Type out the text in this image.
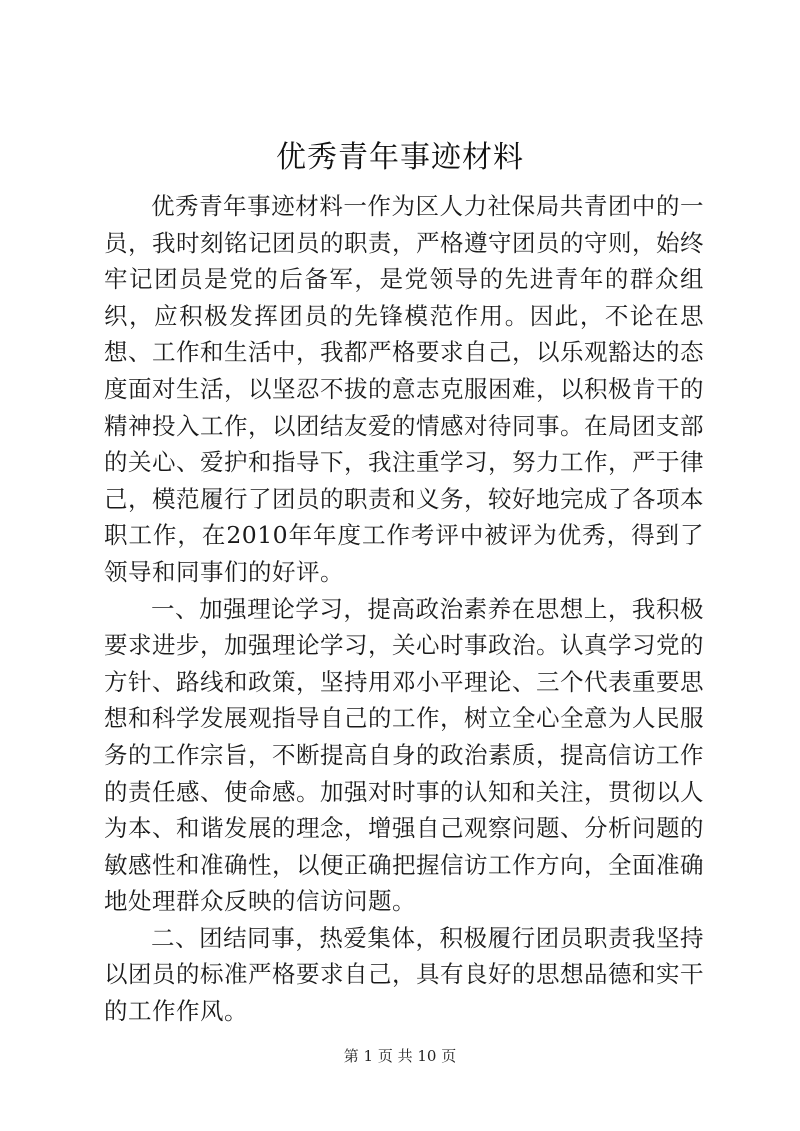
优秀青年事迹材料

优秀青年事迹材料一作为区人力社保局共青团中的一员，我时刻铭记团员的职责，严格遵守团员的守则，始终牢记团员是党的后备军，是党领导的先进青年的群众组织，应积极发挥团员的先锋模范作用。因此，不论在思想、工作和生活中，我都严格要求自己，以乐观豁达的态度面对生活，以坚忍不拔的意志克服困难，以积极肯干的精神投入工作，以团结友爱的情感对待同事。在局团支部的关心、爱护和指导下，我注重学习，努力工作，严于律己，模范履行了团员的职责和义务，较好地完成了各项本职工作，在2010年年度工作考评中被评为优秀，得到了领导和同事们的好评。

一、加强理论学习，提高政治素养在思想上，我积极要求进步，加强理论学习，关心时事政治。认真学习党的方针、路线和政策，坚持用邓小平理论、三个代表重要思想和科学发展观指导自己的工作，树立全心全意为人民服务的工作宗旨，不断提高自身的政治素质，提高信访工作的责任感、使命感。加强对时事的认知和关注，贯彻以人为本、和谐发展的理念，增强自己观察问题、分析问题的敏感性和准确性，以便正确把握信访工作方向，全面准确地处理群众反映的信访问题。

二、团结同事，热爱集体，积极履行团员职责我坚持以团员的标准严格要求自己，具有良好的思想品德和实干的工作作风。

第 1 页 共 10 页
